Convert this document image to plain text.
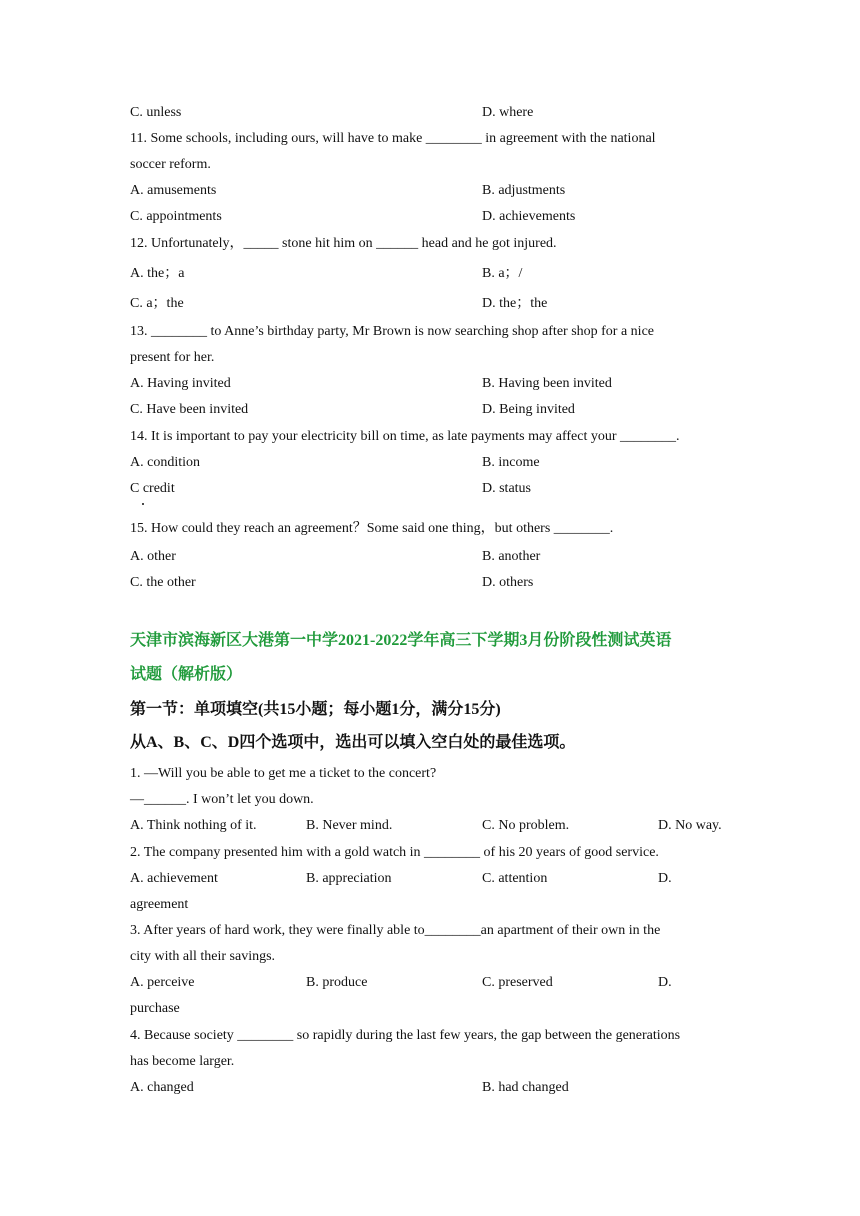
C. unless	D. where
11. Some schools, including ours, will have to make ________ in agreement with the national
soccer reform.
A. amusements	B. adjustments
C. appointments	D. achievements
12. Unfortunately，_____ stone hit him on ______ head and he got injured.
A. the；a	B. a；/
C. a；the	D. the；the
13. ________ to Anne’s birthday party, Mr Brown is now searching shop after shop for a nice
present for her.
A. Having invited	B. Having been invited
C. Have been invited	D. Being invited
14. It is important to pay your electricity bill on time, as late payments may affect your ________.
A. condition	B. income
C credit	D. status
15. How could they reach an agreement？Some said one thing，but others ________.
A. other	B. another
C. the other	D. others
天津市滨海新区大港第一中学2021-2022学年高三下学期3月份阶段性测试英语
试题（解析版）
第一节：单项填空(共15小题；每小题1分，满分15分)
从A、B、C、D四个选项中，选出可以填入空白处的最佳选项。
1. —Will you be able to get me a ticket to the concert?
—______. I won’t let you down.
A. Think nothing of it.	B. Never mind.	C. No problem.	D. No way.
2. The company presented him with a gold watch in ________ of his 20 years of good service.
A. achievement	B. appreciation	C. attention	D.
agreement
3. After years of hard work, they were finally able to________an apartment of their own in the
city with all their savings.
A. perceive	B. produce	C. preserved	D.
purchase
4. Because society ________ so rapidly during the last few years, the gap between the generations
has become larger.
A. changed	B. had changed
